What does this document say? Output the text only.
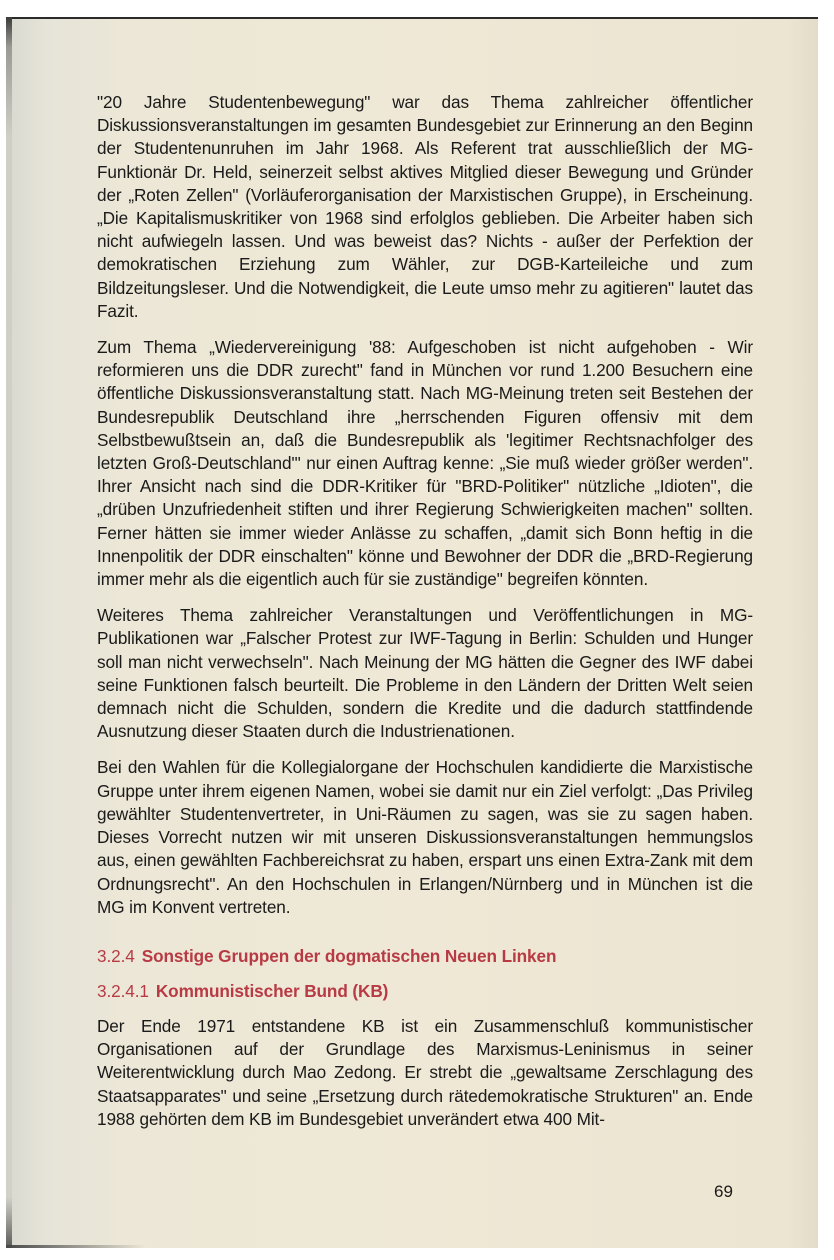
"20 Jahre Studentenbewegung" war das Thema zahlreicher öffentlicher Diskussionsveranstaltungen im gesamten Bundesgebiet zur Erinnerung an den Beginn der Studentenunruhen im Jahr 1968. Als Referent trat ausschließlich der MG-Funktionär Dr. Held, seinerzeit selbst aktives Mitglied dieser Bewegung und Gründer der „Roten Zellen" (Vorläuferorganisation der Marxistischen Gruppe), in Erscheinung. „Die Kapitalismuskritiker von 1968 sind erfolglos geblieben. Die Arbeiter haben sich nicht aufwiegeln lassen. Und was beweist das? Nichts - außer der Perfektion der demokratischen Erziehung zum Wähler, zur DGB-Karteileiche und zum Bildzeitungsleser. Und die Notwendigkeit, die Leute umso mehr zu agitieren" lautet das Fazit.

Zum Thema „Wiedervereinigung '88: Aufgeschoben ist nicht aufgehoben - Wir reformieren uns die DDR zurecht" fand in München vor rund 1.200 Besuchern eine öffentliche Diskussionsveranstaltung statt. Nach MG-Meinung treten seit Bestehen der Bundesrepublik Deutschland ihre „herrschenden Figuren offensiv mit dem Selbstbewußtsein an, daß die Bundesrepublik als 'legitimer Rechtsnachfolger des letzten Groß-Deutschland'" nur einen Auftrag kenne: „Sie muß wieder größer werden". Ihrer Ansicht nach sind die DDR-Kritiker für "BRD-Politiker" nützliche „Idioten", die „drüben Unzufriedenheit stiften und ihrer Regierung Schwierigkeiten machen" sollten. Ferner hätten sie immer wieder Anlässe zu schaffen, „damit sich Bonn heftig in die Innenpolitik der DDR einschalten" könne und Bewohner der DDR die „BRD-Regierung immer mehr als die eigentlich auch für sie zuständige" begreifen könnten.

Weiteres Thema zahlreicher Veranstaltungen und Veröffentlichungen in MG-Publikationen war „Falscher Protest zur IWF-Tagung in Berlin: Schulden und Hunger soll man nicht verwechseln". Nach Meinung der MG hätten die Gegner des IWF dabei seine Funktionen falsch beurteilt. Die Probleme in den Ländern der Dritten Welt seien demnach nicht die Schulden, sondern die Kredite und die dadurch stattfindende Ausnutzung dieser Staaten durch die Industrienationen.

Bei den Wahlen für die Kollegialorgane der Hochschulen kandidierte die Marxistische Gruppe unter ihrem eigenen Namen, wobei sie damit nur ein Ziel verfolgt: „Das Privileg gewählter Studentenvertreter, in Uni-Räumen zu sagen, was sie zu sagen haben. Dieses Vorrecht nutzen wir mit unseren Diskussionsveranstaltungen hemmungslos aus, einen gewählten Fachbereichsrat zu haben, erspart uns einen Extra-Zank mit dem Ordnungsrecht". An den Hochschulen in Erlangen/Nürnberg und in München ist die MG im Konvent vertreten.

3.2.4 Sonstige Gruppen der dogmatischen Neuen Linken
3.2.4.1 Kommunistischer Bund (KB)

Der Ende 1971 entstandene KB ist ein Zusammenschluß kommunistischer Organisationen auf der Grundlage des Marxismus-Leninismus in seiner Weiterentwicklung durch Mao Zedong. Er strebt die „gewaltsame Zerschlagung des Staatsapparates" und seine „Ersetzung durch rätedemokratische Strukturen" an. Ende 1988 gehörten dem KB im Bundesgebiet unverändert etwa 400 Mit-

69
